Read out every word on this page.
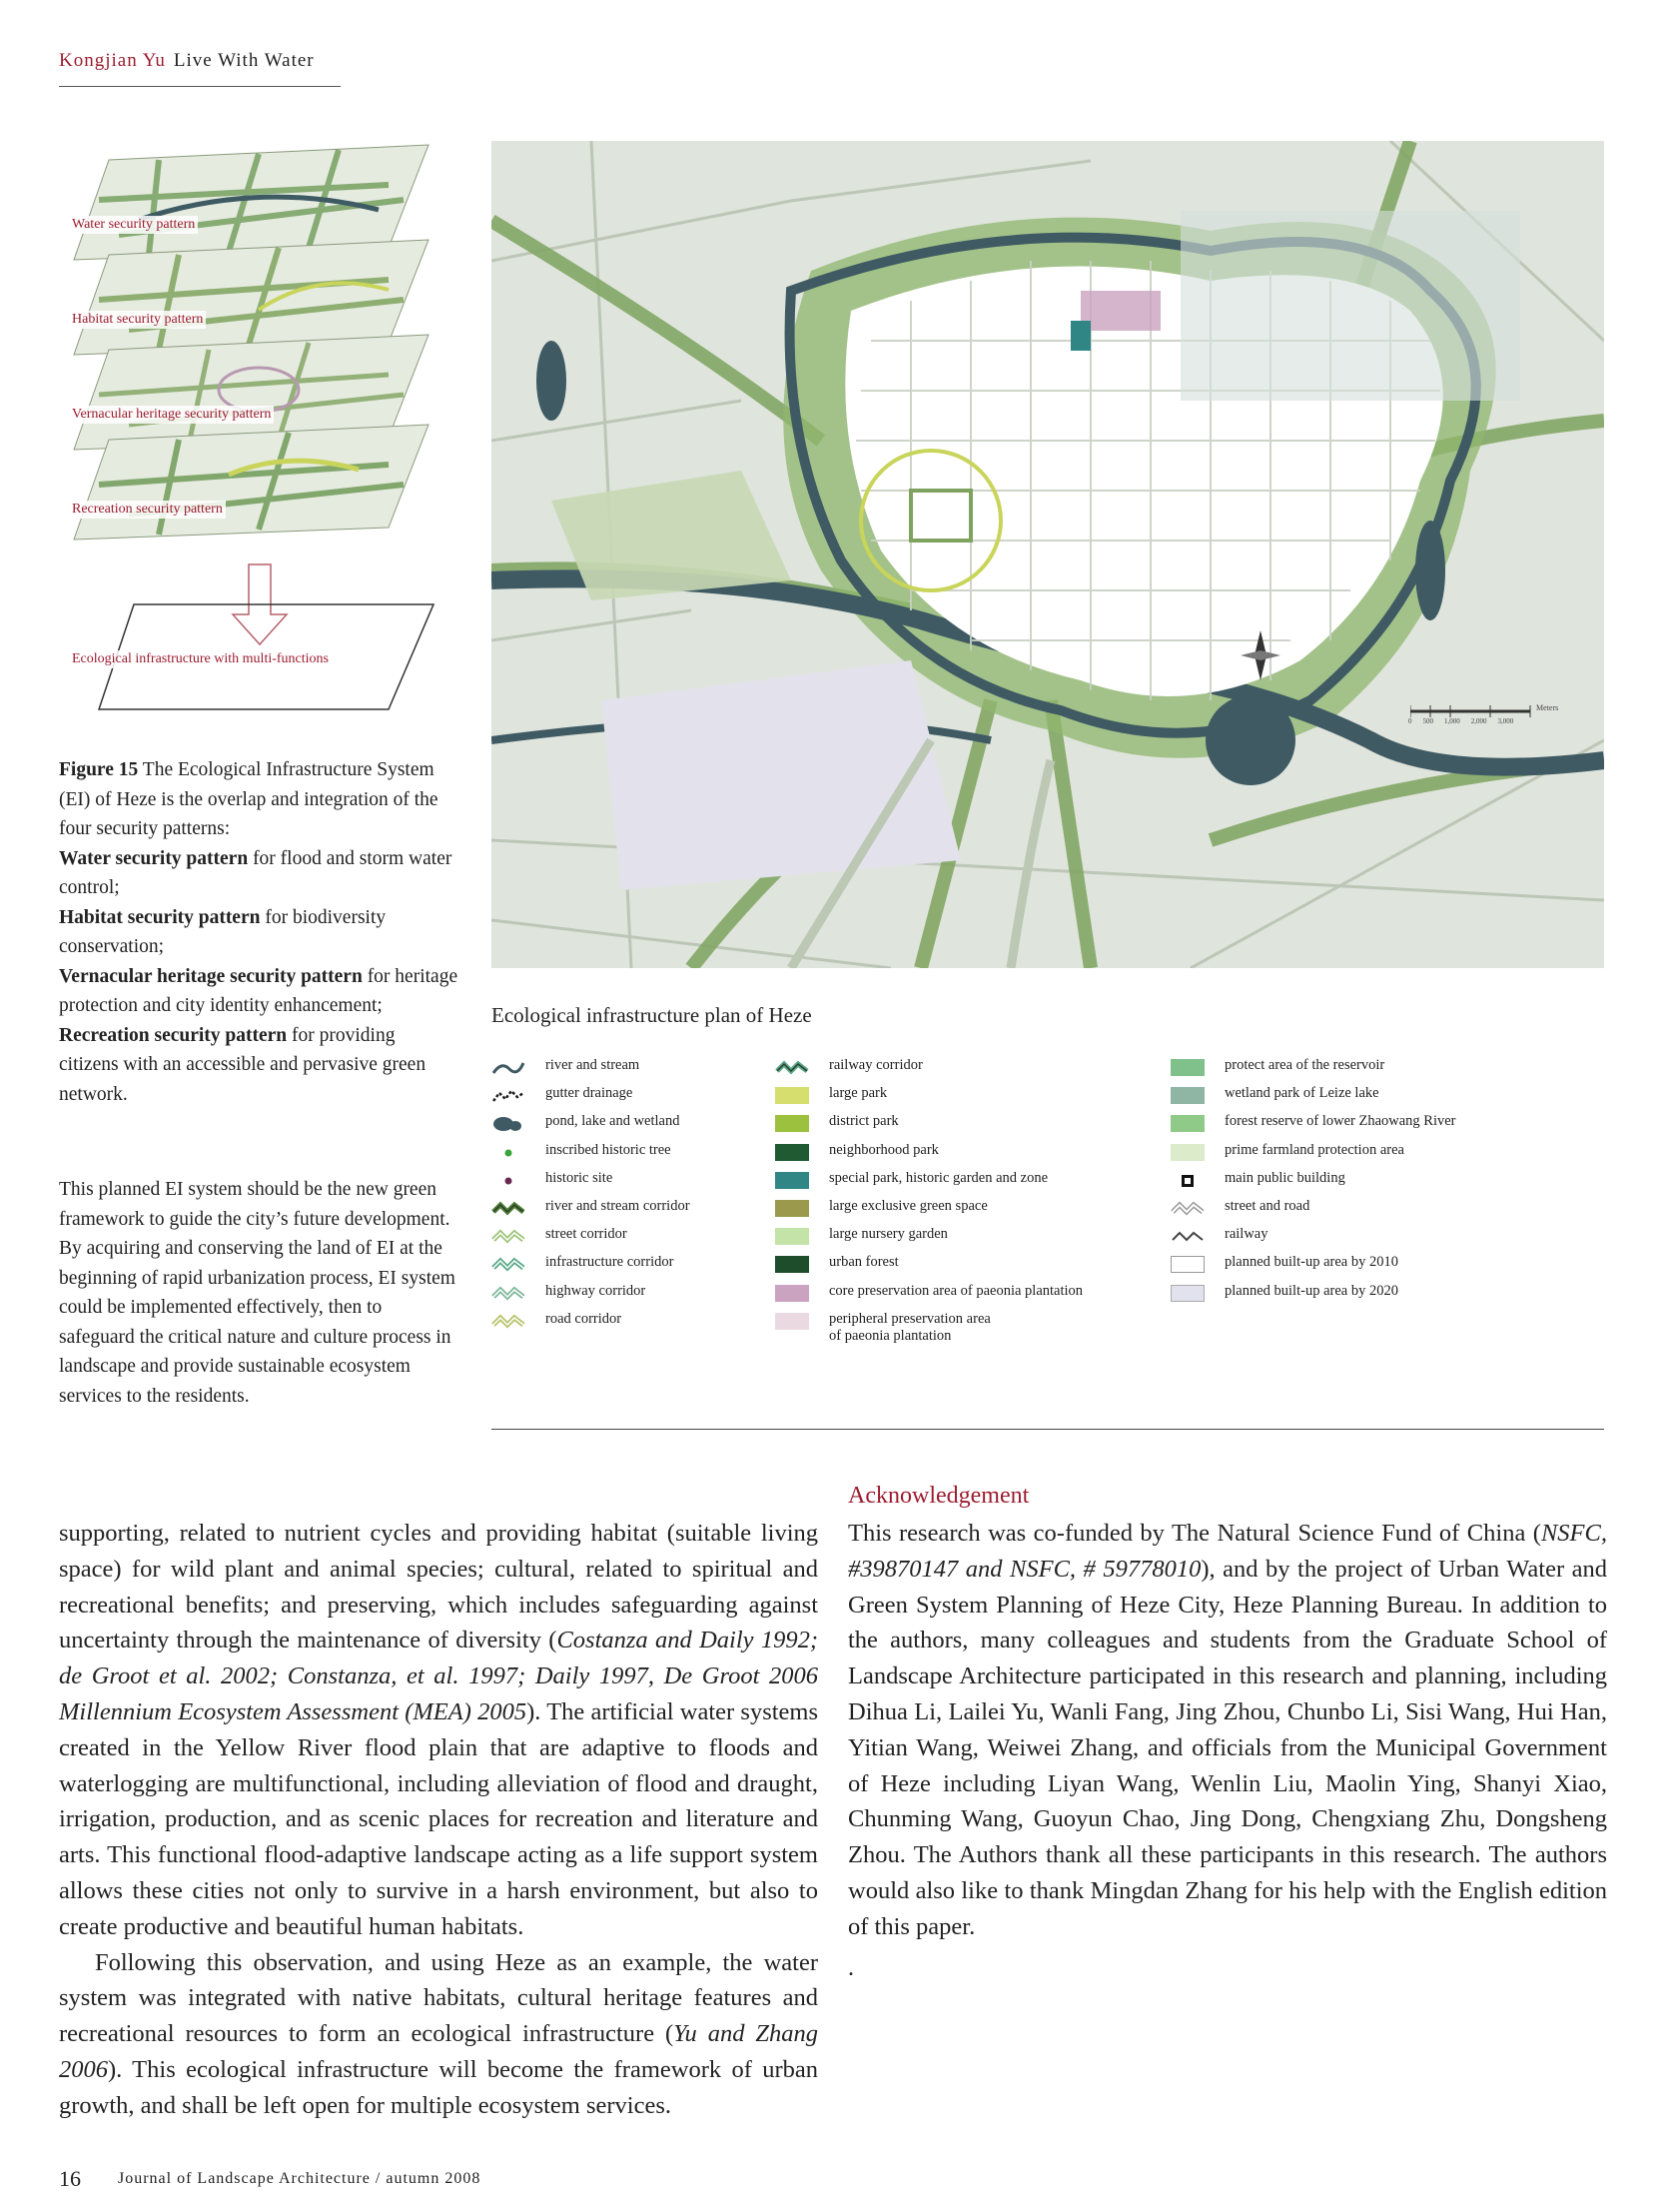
Kongjian Yu Live With Water
Water security pattern
Habitat security pattern
Vernacular heritage security pattern
Recreation security pattern
Ecological infrastructure with multi-functions
Figure 15 The Ecological Infrastructure System (EI) of Heze is the overlap and integration of the four security patterns:
Water security pattern for flood and storm water control;
Habitat security pattern for biodiversity conservation;
Vernacular heritage security pattern for heritage protection and city identity enhancement;
Recreation security pattern for providing citizens with an accessible and pervasive green network.
This planned EI system should be the new green framework to guide the city’s future development. By acquiring and conserving the land of EI at the beginning of rapid urbanization process, EI system could be implemented effectively, then to safeguard the critical nature and culture process in landscape and provide sustainable ecosystem services to the residents.
Meters
0 500 1,000 2,000 3,000
Ecological infrastructure plan of Heze
river and stream
gutter drainage
pond, lake and wetland
inscribed historic tree
historic site
river and stream corridor
street corridor
infrastructure corridor
highway corridor
road corridor
railway corridor
large park
district park
neighborhood park
special park, historic garden and zone
large exclusive green space
large nursery garden
urban forest
core preservation area of paeonia plantation
peripheral preservation area
of paeonia plantation
protect area of the reservoir
wetland park of Leize lake
forest reserve of lower Zhaowang River
prime farmland protection area
main public building
street and road
railway
planned built-up area by 2010
planned built-up area by 2020

supporting, related to nutrient cycles and providing habitat (suitable living space) for wild plant and animal species; cultural, related to spiritual and recreational benefits; and preserving, which includes safeguarding against uncertainty through the maintenance of diversity (Costanza and Daily 1992; de Groot et al. 2002; Constanza, et al. 1997; Daily 1997, De Groot 2006 Millennium Ecosystem Assessment (MEA) 2005). The artificial water systems created in the Yellow River flood plain that are adaptive to floods and waterlogging are multifunctional, including alleviation of flood and draught, irrigation, production, and as scenic places for recreation and literature and arts. This functional flood-adaptive landscape acting as a life support system allows these cities not only to survive in a harsh environment, but also to create productive and beautiful human habitats.

Following this observation, and using Heze as an example, the water system was integrated with native habitats, cultural heritage features and recreational resources to form an ecological infrastructure (Yu and Zhang 2006). This ecological infrastructure will become the framework of urban growth, and shall be left open for multiple ecosystem services.

Acknowledgement
This research was co-funded by The Natural Science Fund of China (NSFC, #39870147 and NSFC, # 59778010), and by the project of Urban Water and Green System Planning of Heze City, Heze Planning Bureau. In addition to the authors, many colleagues and students from the Graduate School of Landscape Architecture participated in this research and planning, including Dihua Li, Lailei Yu, Wanli Fang, Jing Zhou, Chunbo Li, Sisi Wang, Hui Han, Yitian Wang, Weiwei Zhang, and officials from the Municipal Government of Heze including Liyan Wang, Wenlin Liu, Maolin Ying, Shanyi Xiao, Chunming Wang, Guoyun Chao, Jing Dong, Chengxiang Zhu, Dongsheng Zhou. The Authors thank all these participants in this research. The authors would also like to thank Mingdan Zhang for his help with the English edition of this paper.
.
16 Journal of Landscape Architecture / autumn 2008
